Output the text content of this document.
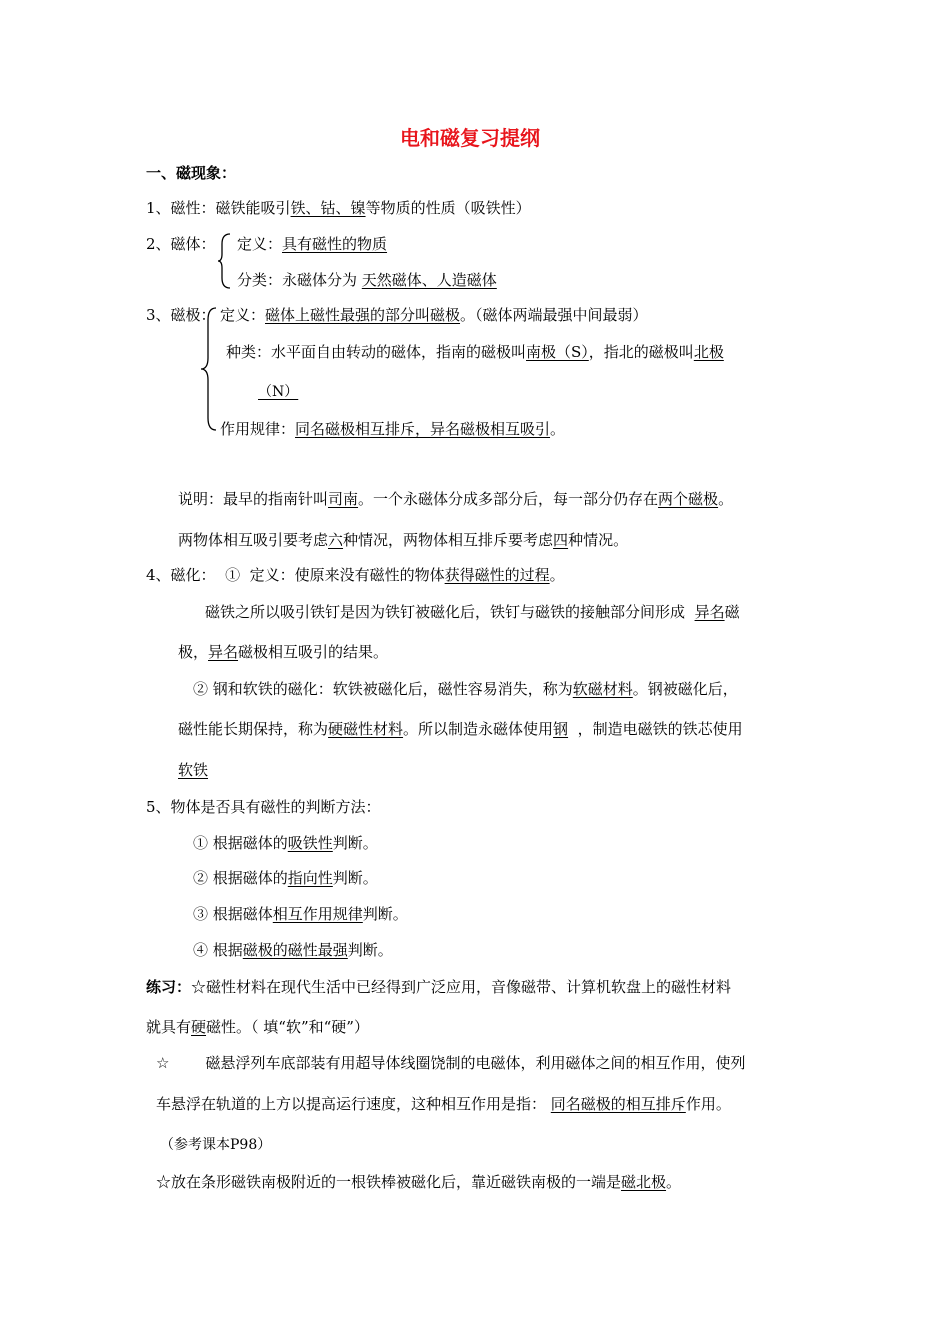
电和磁复习提纲
一、磁现象：
1、磁性：磁铁能吸引铁、钴、镍等物质的性质（吸铁性）
2、磁体： 定义：具有磁性的物质
分类：永磁体分为 天然磁体、人造磁体
3、磁极： 定义：磁体上磁性最强的部分叫磁极。（磁体两端最强中间最弱）
种类：水平面自由转动的磁体，指南的磁极叫南极（S），指北的磁极叫北极
（N）
作用规律：同名磁极相互排斥，异名磁极相互吸引。
说明：最早的指南针叫司南。一个永磁体分成多部分后，每一部分仍存在两个磁极。
两物体相互吸引要考虑六种情况，两物体相互排斥要考虑四种情况。
4、磁化：  ①  定义：使原来没有磁性的物体获得磁性的过程。
磁铁之所以吸引铁钉是因为铁钉被磁化后，铁钉与磁铁的接触部分间形成 异名磁
极，异名磁极相互吸引的结果。
② 钢和软铁的磁化：软铁被磁化后，磁性容易消失，称为软磁材料。钢被磁化后，
磁性能长期保持，称为硬磁性材料。所以制造永磁体使用钢 ，制造电磁铁的铁芯使用
软铁
5、物体是否具有磁性的判断方法：
① 根据磁体的吸铁性判断。
② 根据磁体的指向性判断。
③ 根据磁体相互作用规律判断。
④ 根据磁极的磁性最强判断。
练习：☆磁性材料在现代生活中已经得到广泛应用，音像磁带、计算机软盘上的磁性材料
就具有硬磁性。（ 填“软”和“硬”）
☆ 磁悬浮列车底部装有用超导体线圈饶制的电磁体，利用磁体之间的相互作用，使列
车悬浮在轨道的上方以提高运行速度，这种相互作用是指： 同名磁极的相互排斥作用。
（参考课本P98）
☆放在条形磁铁南极附近的一根铁棒被磁化后，靠近磁铁南极的一端是磁北极。
